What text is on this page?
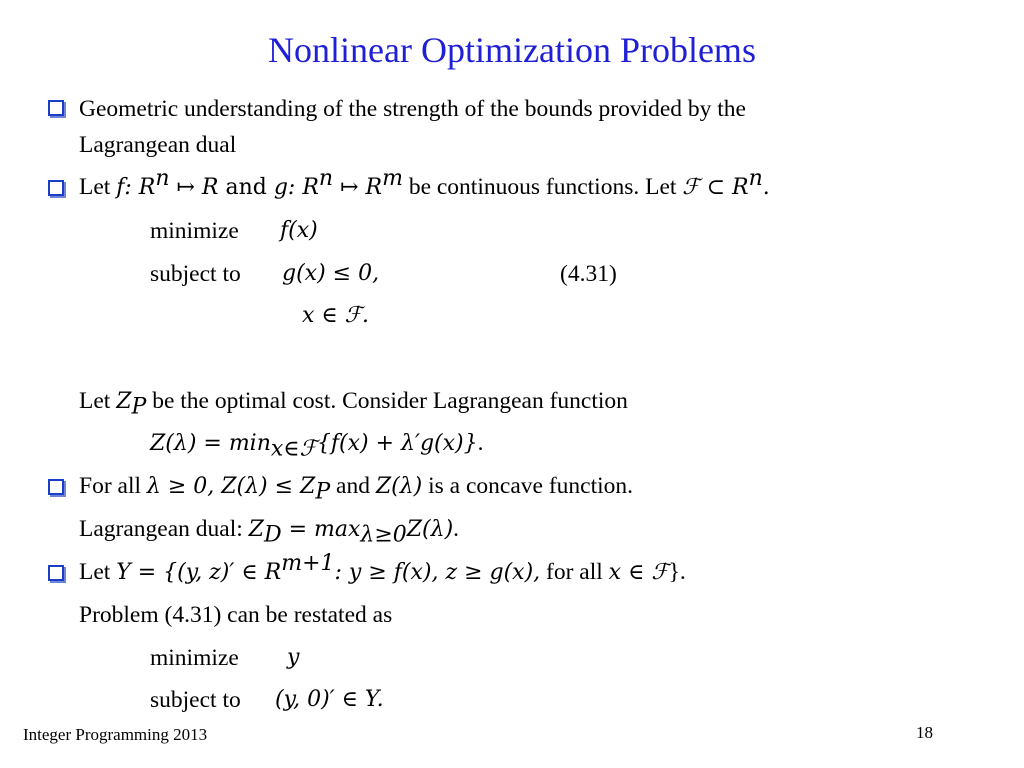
Nonlinear Optimization Problems
Geometric understanding of the strength of the bounds provided by the
Lagrangean dual
Let f: $R^n$ ↦ R and g: $R^n$ ↦ $R^m$ be continuous functions. Let ℱ ⊂ $R^n$.
minimize f(x)
subject to g(x) ≤ 0,	(4.31)
x ∈ ℱ.
Let $Z_P$ be the optimal cost. Consider Lagrangean function
$Z(\lambda) = \min_{x\in ℱ}\{f(x) + \lambda'g(x)\}$.
For all λ ≥ 0, $Z(\lambda) \le Z_P$ and Z(λ) is a concave function.
Lagrangean dual: $Z_D = \max_{\lambda\ge 0}Z(\lambda)$.
Let Y = {(y, z)′ ∈ $R^{m+1}$: y ≥ f(x), z ≥ g(x), for all x ∈ ℱ}.
Problem (4.31) can be restated as
minimize y
subject to (y, 0)′ ∈ Y.
Integer Programming 2013	18
